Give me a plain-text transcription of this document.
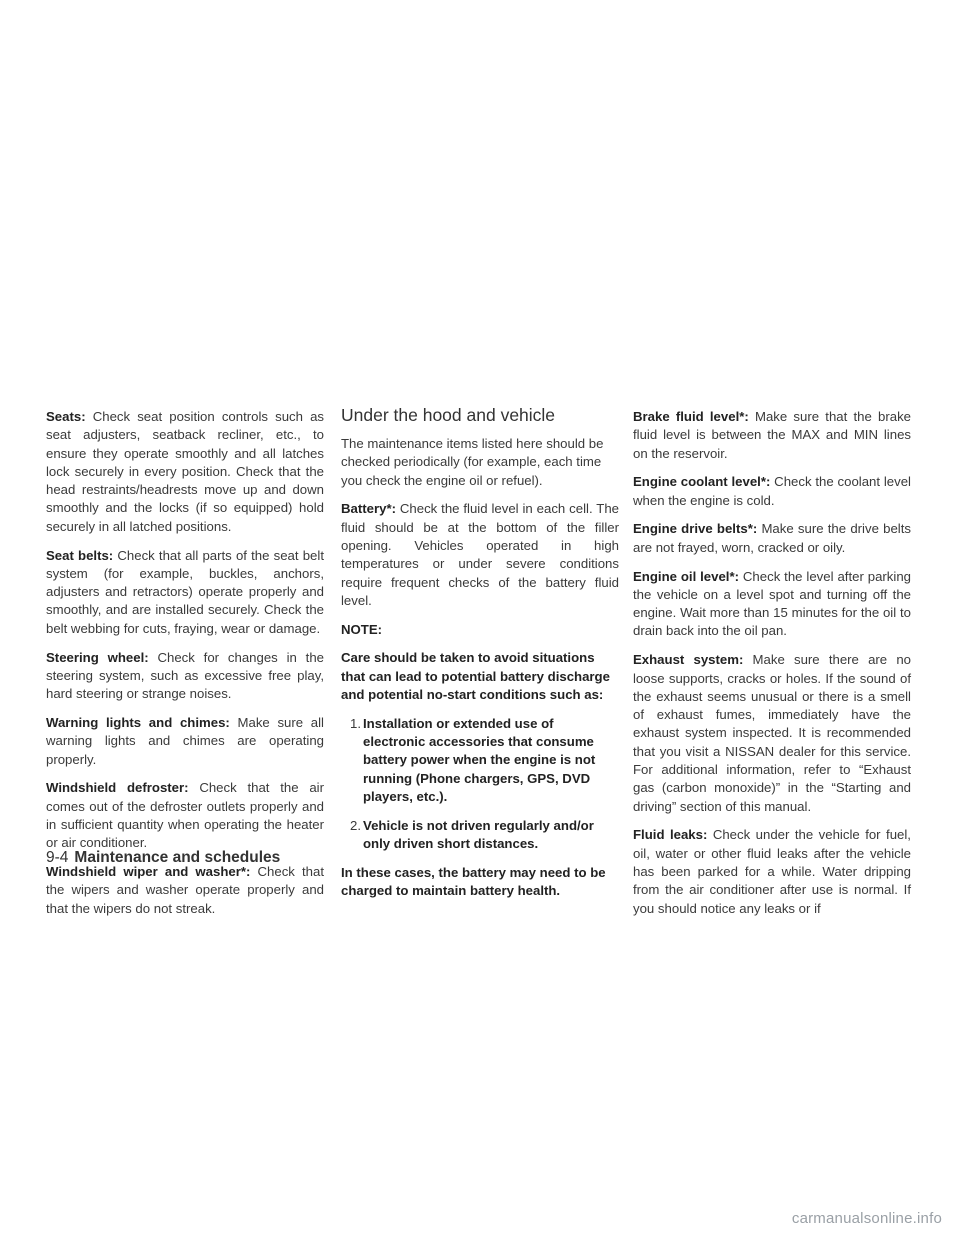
Seats: Check seat position controls such as seat adjusters, seatback recliner, etc., to ensure they operate smoothly and all latches lock securely in every position. Check that the head restraints/headrests move up and down smoothly and the locks (if so equipped) hold securely in all latched positions.

Seat belts: Check that all parts of the seat belt system (for example, buckles, anchors, adjusters and retractors) operate properly and smoothly, and are installed securely. Check the belt webbing for cuts, fraying, wear or damage.

Steering wheel: Check for changes in the steering system, such as excessive free play, hard steering or strange noises.

Warning lights and chimes: Make sure all warning lights and chimes are operating properly.

Windshield defroster: Check that the air comes out of the defroster outlets properly and in sufficient quantity when operating the heater or air conditioner.

Windshield wiper and washer*: Check that the wipers and washer operate properly and that the wipers do not streak.

Under the hood and vehicle

The maintenance items listed here should be checked periodically (for example, each time you check the engine oil or refuel).

Battery*: Check the fluid level in each cell. The fluid should be at the bottom of the filler opening. Vehicles operated in high temperatures or under severe conditions require frequent checks of the battery fluid level.

NOTE:

Care should be taken to avoid situations that can lead to potential battery discharge and potential no-start conditions such as:

1. Installation or extended use of electronic accessories that consume battery power when the engine is not running (Phone chargers, GPS, DVD players, etc.).
2. Vehicle is not driven regularly and/or only driven short distances.

In these cases, the battery may need to be charged to maintain battery health.

Brake fluid level*: Make sure that the brake fluid level is between the MAX and MIN lines on the reservoir.

Engine coolant level*: Check the coolant level when the engine is cold.

Engine drive belts*: Make sure the drive belts are not frayed, worn, cracked or oily.

Engine oil level*: Check the level after parking the vehicle on a level spot and turning off the engine. Wait more than 15 minutes for the oil to drain back into the oil pan.

Exhaust system: Make sure there are no loose supports, cracks or holes. If the sound of the exhaust seems unusual or there is a smell of exhaust fumes, immediately have the exhaust system inspected. It is recommended that you visit a NISSAN dealer for this service. For additional information, refer to “Exhaust gas (carbon monoxide)” in the “Starting and driving” section of this manual.

Fluid leaks: Check under the vehicle for fuel, oil, water or other fluid leaks after the vehicle has been parked for a while. Water dripping from the air conditioner after use is normal. If you should notice any leaks or if

9-4 Maintenance and schedules
carmanualsonline.info
